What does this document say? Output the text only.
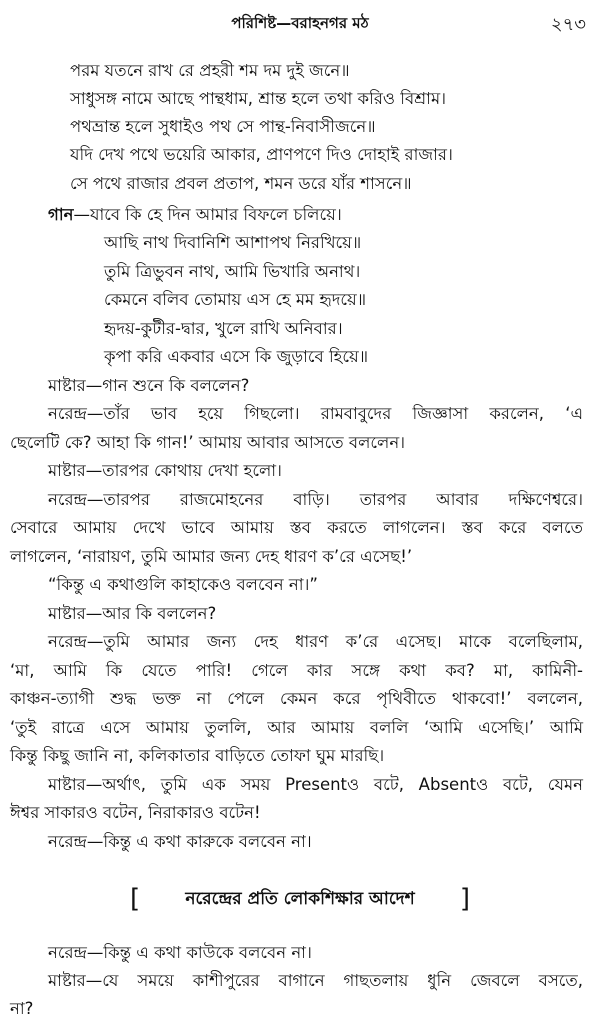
পরিশিষ্ট—বরাহনগর মঠ	২৭৩
পরম যতনে রাখ রে প্রহরী শম দম দুই জনে॥
সাধুসঙ্গ নামে আছে পান্থধাম, শ্রান্ত হলে তথা করিও বিশ্রাম।
পথভ্রান্ত হলে সুধাইও পথ সে পান্থ-নিবাসীজনে॥
যদি দেখ পথে ভয়েরি আকার, প্রাণপণে দিও দোহাই রাজার।
সে পথে রাজার প্রবল প্রতাপ, শমন ডরে যাঁর শাসনে॥
গান—যাবে কি হে দিন আমার বিফলে চলিয়ে।
আছি নাথ দিবানিশি আশাপথ নিরখিয়ে॥
তুমি ত্রিভুবন নাথ, আমি ভিখারি অনাথ।
কেমনে বলিব তোমায় এস হে মম হৃদয়ে॥
হৃদয়-কুটীর-দ্বার, খুলে রাখি অনিবার।
কৃপা করি একবার এসে কি জুড়াবে হিয়ে॥
মাষ্টার—গান শুনে কি বললেন?
নরেন্দ্র—তাঁর ভাব হয়ে গিছলো। রামবাবুদের জিজ্ঞাসা করলেন, ‘এ
ছেলেটি কে? আহা কি গান!’ আমায় আবার আসতে বললেন।
মাষ্টার—তারপর কোথায় দেখা হলো।
নরেন্দ্র—তারপর রাজমোহনের বাড়ি। তারপর আবার দক্ষিণেশ্বরে।
সেবারে আমায় দেখে ভাবে আমায় স্তব করতে লাগলেন। স্তব করে বলতে
লাগলেন, ‘নারায়ণ, তুমি আমার জন্য দেহ ধারণ ক’রে এসেছ!’
“কিন্তু এ কথাগুলি কাহাকেও বলবেন না।”
মাষ্টার—আর কি বললেন?
নরেন্দ্র—তুমি আমার জন্য দেহ ধারণ ক’রে এসেছ। মাকে বলেছিলাম,
‘মা, আমি কি যেতে পারি! গেলে কার সঙ্গে কথা কব? মা, কামিনী-
কাঞ্চন-ত্যাগী শুদ্ধ ভক্ত না পেলে কেমন করে পৃথিবীতে থাকবো!’ বললেন,
‘তুই রাত্রে এসে আমায় তুললি, আর আমায় বললি ‘আমি এসেছি।’ আমি
কিন্তু কিছু জানি না, কলিকাতার বাড়িতে তোফা ঘুম মারছি।
মাষ্টার—অর্থাৎ, তুমি এক সময় Presentও বটে, Absentও বটে, যেমন
ঈশ্বর সাকারও বটেন, নিরাকারও বটেন!
নরেন্দ্র—কিন্তু এ কথা কারুকে বলবেন না।
[	নরেন্দ্রের প্রতি লোকশিক্ষার আদেশ ]
নরেন্দ্র—কিন্তু এ কথা কাউকে বলবেন না।
মাষ্টার—যে সময়ে কাশীপুরের বাগানে গাছতলায় ধুনি জেবলে বসতে,
না?
